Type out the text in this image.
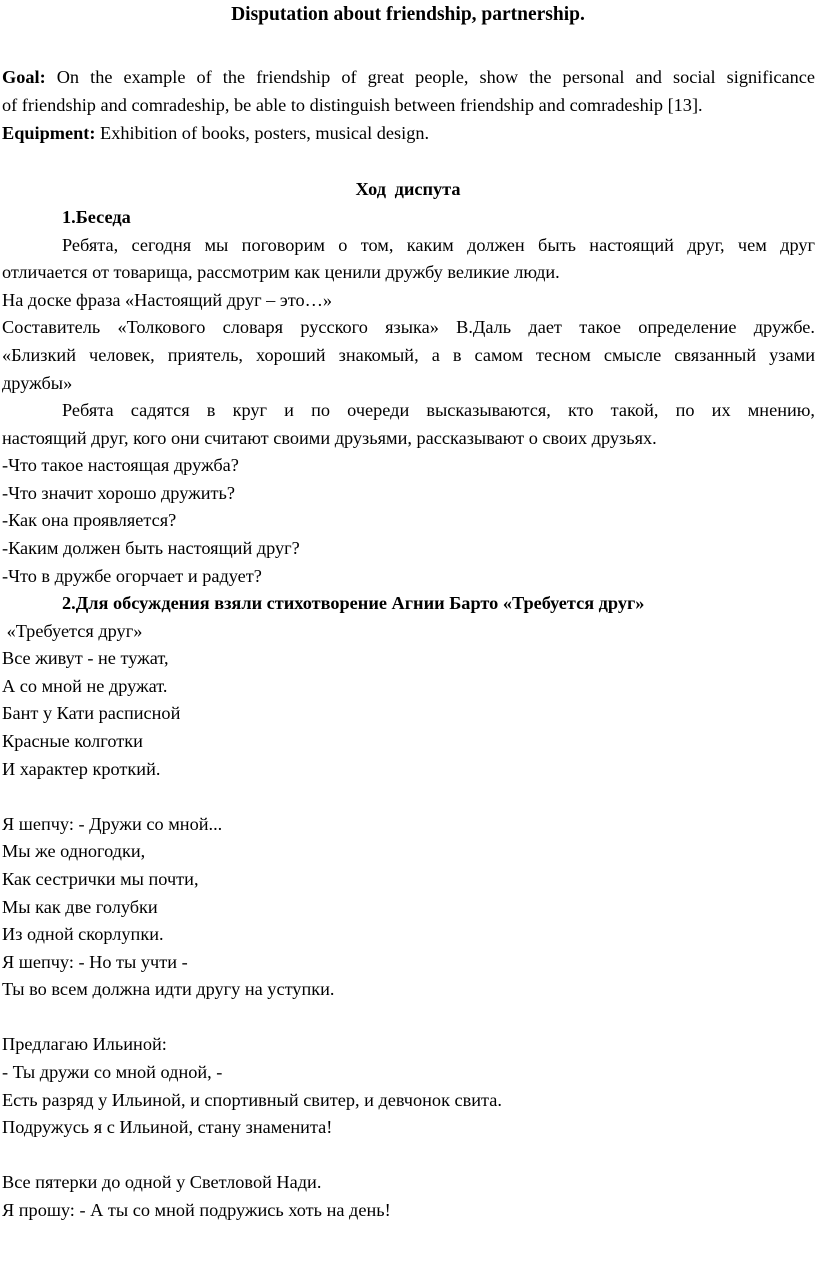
Disputation about friendship, partnership.

Goal: On the example of the friendship of great people, show the personal and social significance

of friendship and comradeship, be able to distinguish between friendship and comradeship [13].

Equipment: Exhibition of books, posters, musical design.

Ход диспута

1.Беседа

Ребята, сегодня мы поговорим о том, каким должен быть настоящий друг, чем друг

отличается от товарища, рассмотрим как ценили дружбу великие люди.

На доске фраза «Настоящий друг – это…»

Составитель «Толкового словаря русского языка» В.Даль дает такое определение дружбе.

«Близкий человек, приятель, хороший знакомый, а в самом тесном смысле связанный узами

дружбы»

Ребята садятся в круг и по очереди высказываются, кто такой, по их мнению,

настоящий друг, кого они считают своими друзьями, рассказывают о своих друзьях.

-Что такое настоящая дружба?

-Что значит хорошо дружить?

-Как она проявляется?

-Каким должен быть настоящий друг?

-Что в дружбе огорчает и радует?

2.Для обсуждения взяли стихотворение Агнии Барто «Требуется друг»

«Требуется друг»

Все живут - не тужат,

А со мной не дружат.

Бант у Кати расписной

Красные колготки

И характер кроткий.

Я шепчу: - Дружи со мной...

Мы же одногодки,

Как сестрички мы почти,

Мы как две голубки

Из одной скорлупки.

Я шепчу: - Но ты учти -

Ты во всем должна идти другу на уступки.

Предлагаю Ильиной:

- Ты дружи со мной одной, -

Есть разряд у Ильиной, и спортивный свитер, и девчонок свита.

Подружусь я с Ильиной, стану знаменита!

Все пятерки до одной у Светловой Нади.

Я прошу: - А ты со мной подружись хоть на день!
